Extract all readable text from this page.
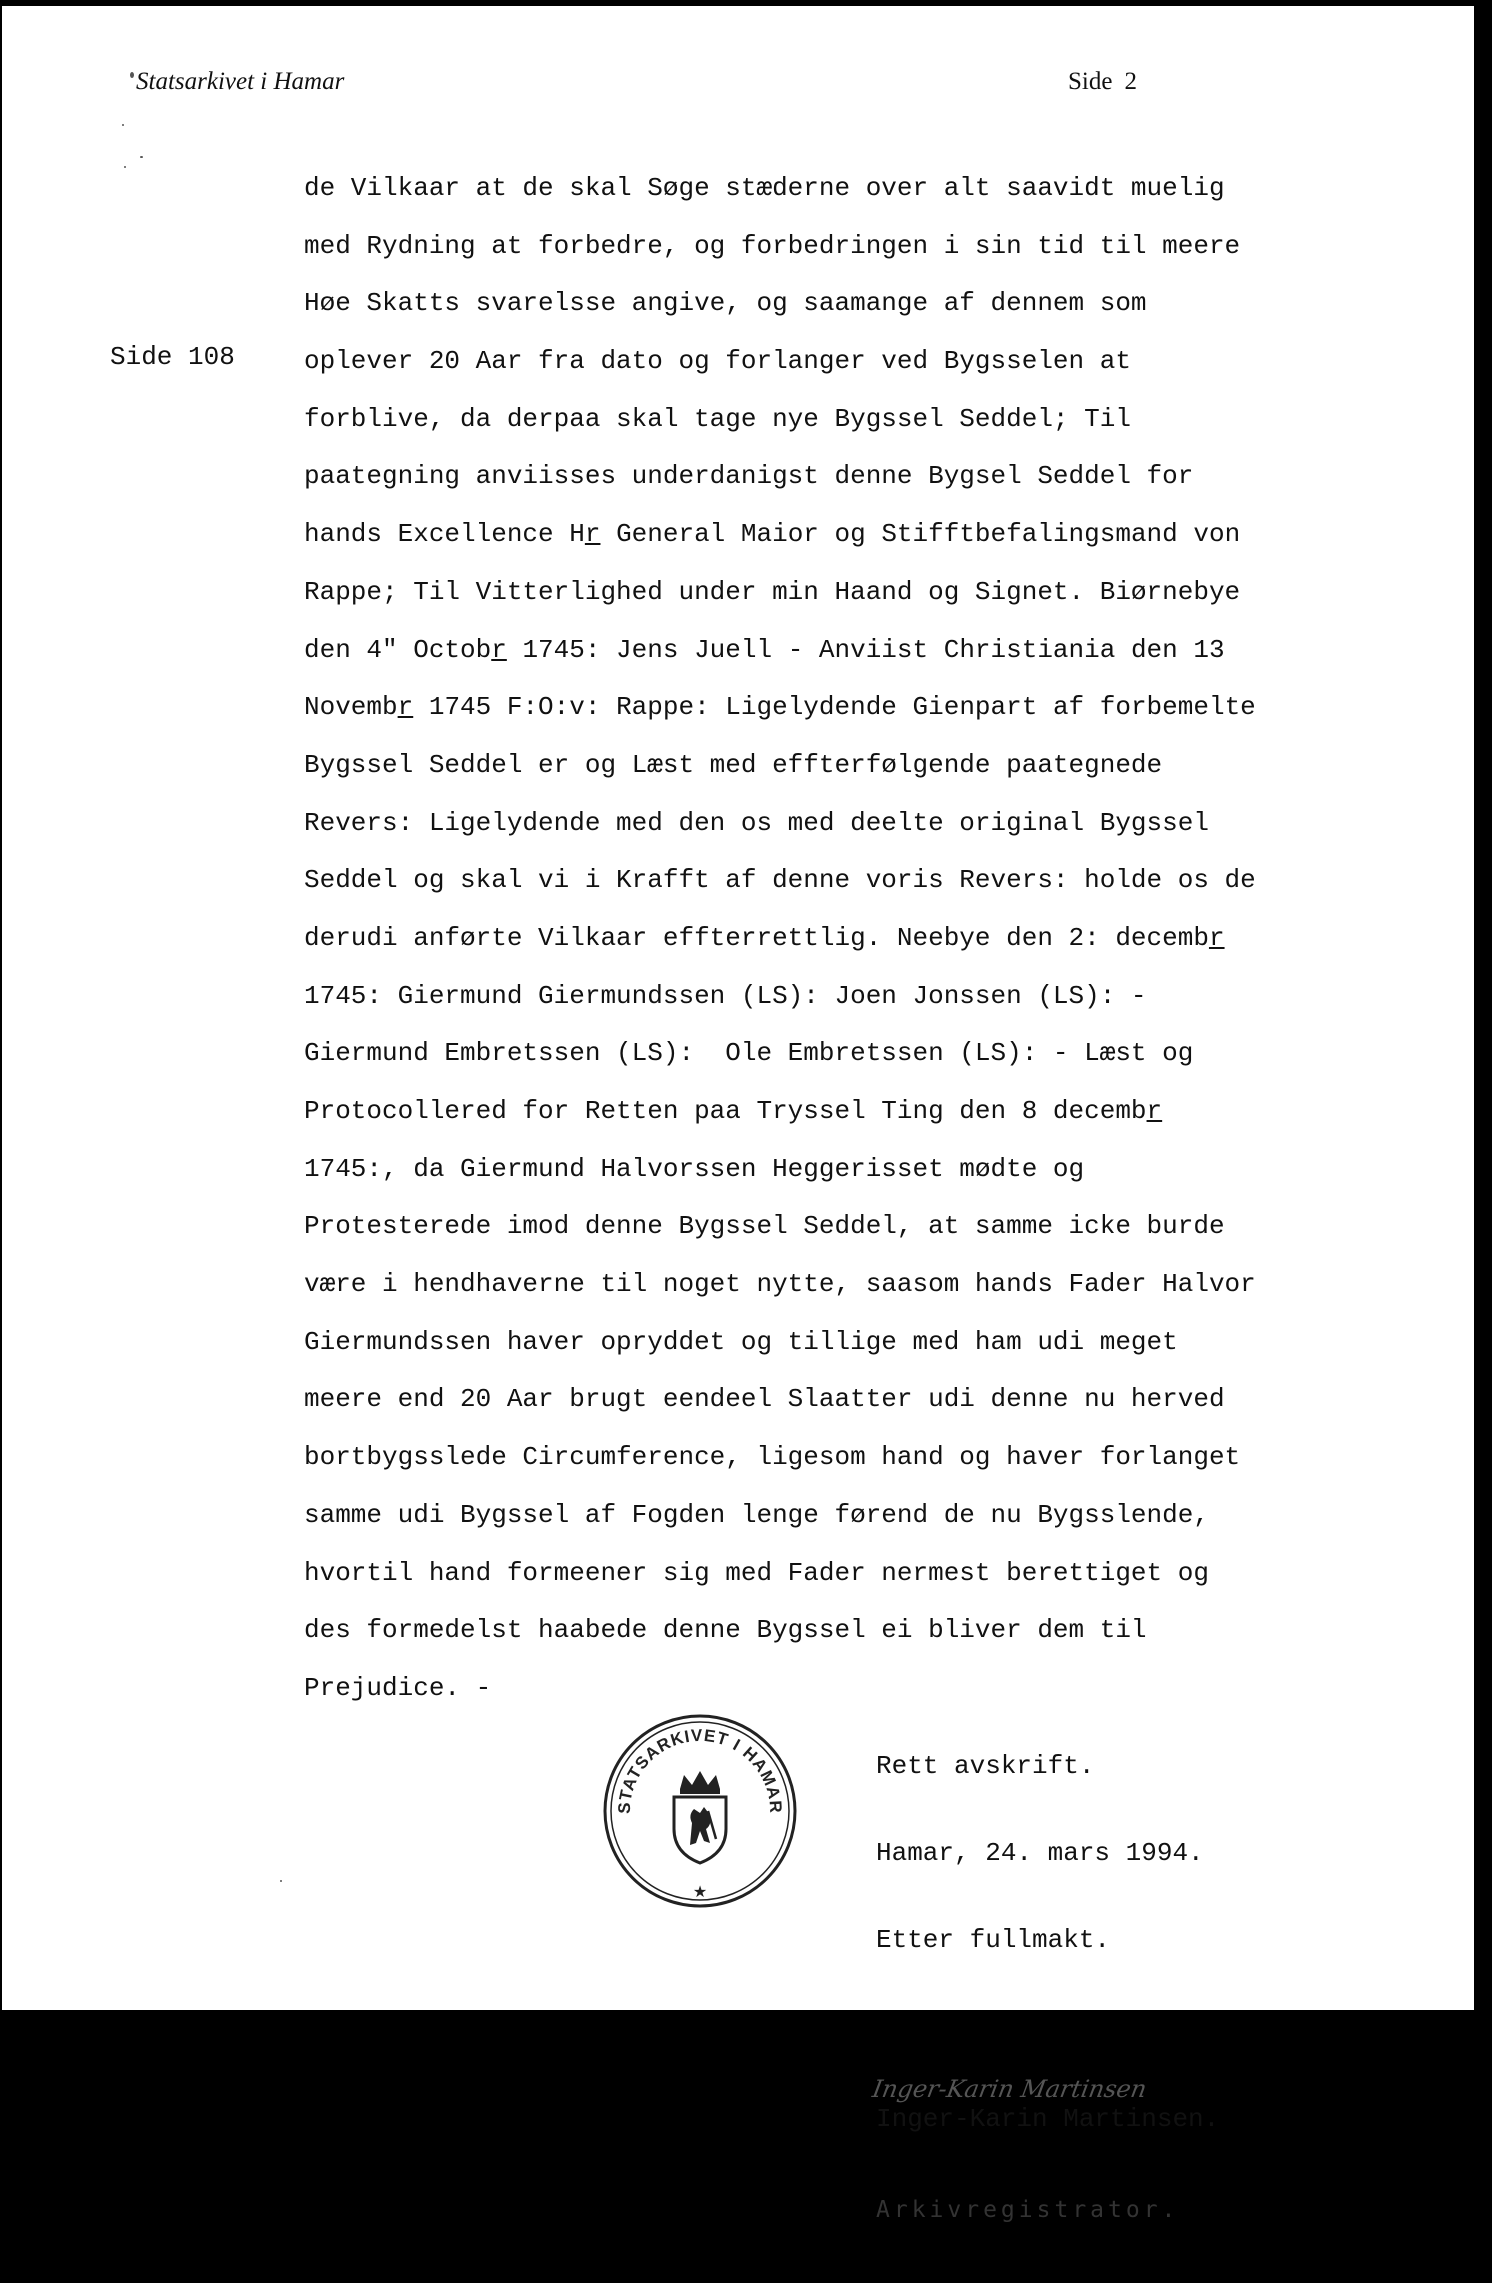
Statsarkivet i Hamar	Side 2
Side 108
de Vilkaar at de skal Søge stæderne over alt saavidt muelig
med Rydning at forbedre, og forbedringen i sin tid til meere
Høe Skatts svarelsse angive, og saamange af dennem som
oplever 20 Aar fra dato og forlanger ved Bygsselen at
forblive, da derpaa skal tage nye Bygssel Seddel; Til
paategning anviisses underdanigst denne Bygsel Seddel for
hands Excellence Hr General Maior og Stifftbefalingsmand von
Rappe; Til Vitterlighed under min Haand og Signet. Biørnebye
den 4" Octobr 1745: Jens Juell - Anviist Christiania den 13
Novembr 1745 F:O:v: Rappe: Ligelydende Gienpart af forbemelte
Bygssel Seddel er og Læst med effterfølgende paategnede
Revers: Ligelydende med den os med deelte original Bygssel
Seddel og skal vi i Krafft af denne voris Revers: holde os de
derudi anførte Vilkaar effterrettlig. Neebye den 2: decembr
1745: Giermund Giermundssen (LS): Joen Jonssen (LS): -
Giermund Embretssen (LS):  Ole Embretssen (LS): - Læst og
Protocollered for Retten paa Tryssel Ting den 8 decembr
1745:, da Giermund Halvorssen Heggerisset mødte og
Protesterede imod denne Bygssel Seddel, at samme icke burde
være i hendhaverne til noget nytte, saasom hands Fader Halvor
Giermundssen haver opryddet og tillige med ham udi meget
meere end 20 Aar brugt eendeel Slaatter udi denne nu herved
bortbygsslede Circumference, ligesom hand og haver forlanget
samme udi Bygssel af Fogden lenge førend de nu Bygsslende,
hvortil hand formeener sig med Fader nermest berettiget og
des formedelst haabede denne Bygssel ei bliver dem til
Prejudice. -
STATSARKIVET I HAMAR
★

Rett avskrift.

Hamar, 24. mars 1994.

Etter fullmakt.

Inger-Karin Martinsen

Inger-Karin Martinsen.

Arkivregistrator.
